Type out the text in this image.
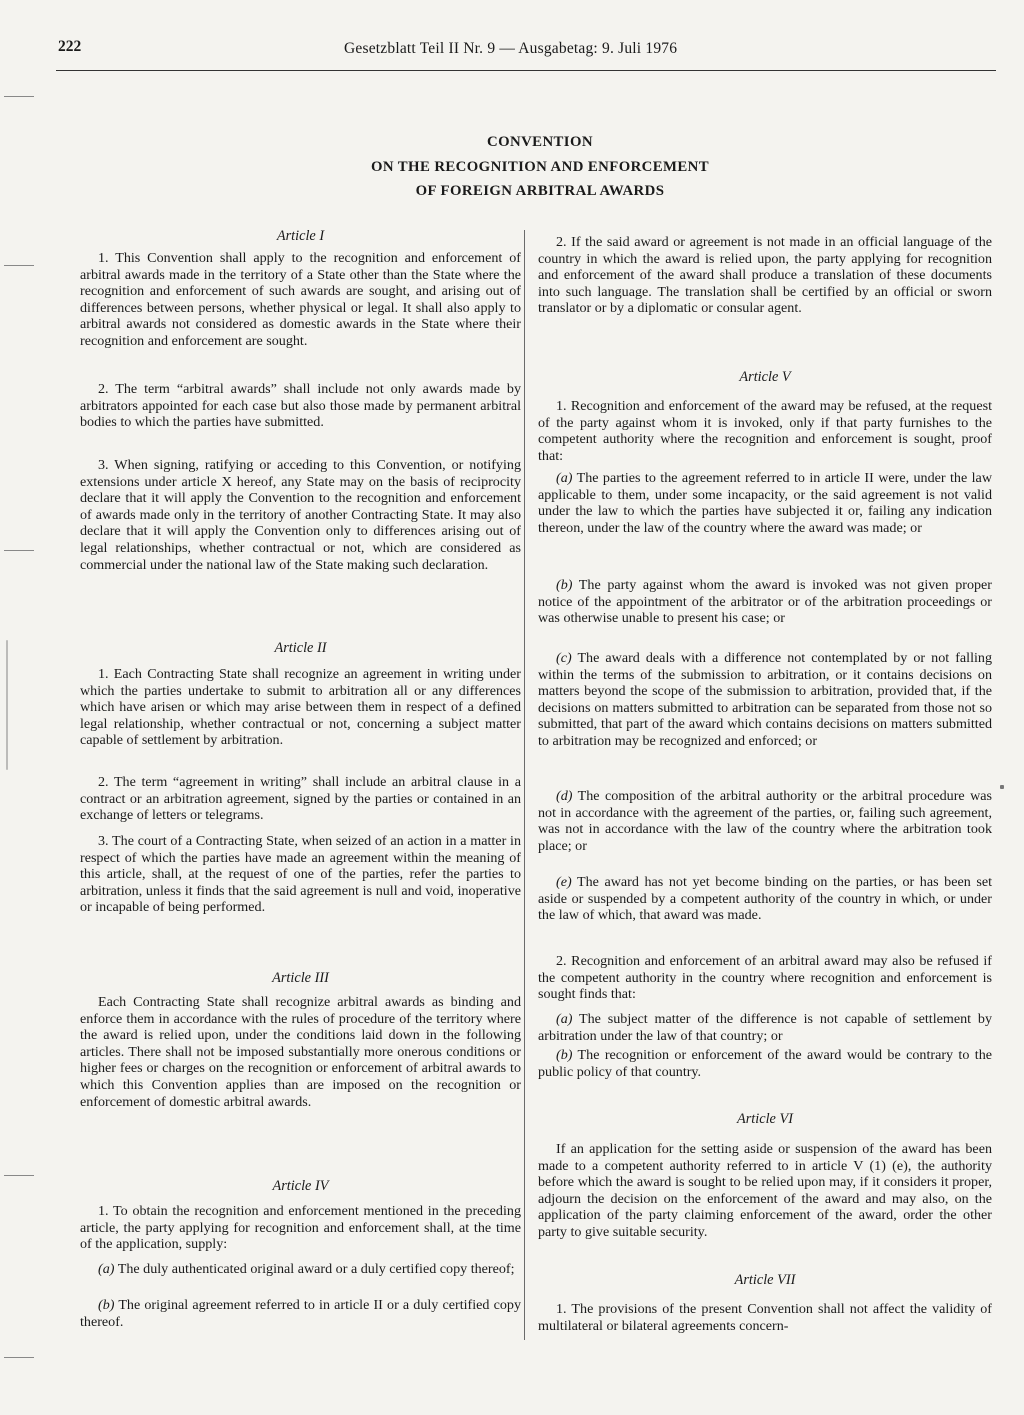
222	Gesetzblatt Teil II Nr. 9 — Ausgabetag: 9. Juli 1976
CONVENTION
ON THE RECOGNITION AND ENFORCEMENT
OF FOREIGN ARBITRAL AWARDS
Article I
1. This Convention shall apply to the recognition and enforcement of arbitral awards made in the territory of a State other than the State where the recognition and enforcement of such awards are sought, and arising out of differences between persons, whether physical or legal. It shall also apply to arbitral awards not considered as domestic awards in the State where their recognition and enforcement are sought.
2. The term “arbitral awards” shall include not only awards made by arbitrators appointed for each case but also those made by permanent arbitral bodies to which the parties have submitted.
3. When signing, ratifying or acceding to this Convention, or notifying extensions under article X hereof, any State may on the basis of reciprocity declare that it will apply the Convention to the recognition and enforcement of awards made only in the territory of another Contracting State. It may also declare that it will apply the Convention only to differences arising out of legal relationships, whether contractual or not, which are considered as commercial under the national law of the State making such declaration.
Article II
1. Each Contracting State shall recognize an agreement in writing under which the parties undertake to submit to arbitration all or any differences which have arisen or which may arise between them in respect of a defined legal relationship, whether contractual or not, concerning a subject matter capable of settlement by arbitration.
2. The term “agreement in writing” shall include an arbitral clause in a contract or an arbitration agreement, signed by the parties or contained in an exchange of letters or telegrams.
3. The court of a Contracting State, when seized of an action in a matter in respect of which the parties have made an agreement within the meaning of this article, shall, at the request of one of the parties, refer the parties to arbitration, unless it finds that the said agreement is null and void, inoperative or incapable of being performed.
Article III
Each Contracting State shall recognize arbitral awards as binding and enforce them in accordance with the rules of procedure of the territory where the award is relied upon, under the conditions laid down in the following articles. There shall not be imposed substantially more onerous conditions or higher fees or charges on the recognition or enforcement of arbitral awards to which this Convention applies than are imposed on the recognition or enforcement of domestic arbitral awards.
Article IV
1. To obtain the recognition and enforcement mentioned in the preceding article, the party applying for recognition and enforcement shall, at the time of the application, supply:
(a) The duly authenticated original award or a duly certified copy thereof;
(b) The original agreement referred to in article II or a duly certified copy thereof.
2. If the said award or agreement is not made in an official language of the country in which the award is relied upon, the party applying for recognition and enforcement of the award shall produce a translation of these documents into such language. The translation shall be certified by an official or sworn translator or by a diplomatic or consular agent.
Article V
1. Recognition and enforcement of the award may be refused, at the request of the party against whom it is invoked, only if that party furnishes to the competent authority where the recognition and enforcement is sought, proof that:
(a) The parties to the agreement referred to in article II were, under the law applicable to them, under some incapacity, or the said agreement is not valid under the law to which the parties have subjected it or, failing any indication thereon, under the law of the country where the award was made; or
(b) The party against whom the award is invoked was not given proper notice of the appointment of the arbitrator or of the arbitration proceedings or was otherwise unable to present his case; or
(c) The award deals with a difference not contemplated by or not falling within the terms of the submission to arbitration, or it contains decisions on matters beyond the scope of the submission to arbitration, provided that, if the decisions on matters submitted to arbitration can be separated from those not so submitted, that part of the award which contains decisions on matters submitted to arbitration may be recognized and enforced; or
(d) The composition of the arbitral authority or the arbitral procedure was not in accordance with the agreement of the parties, or, failing such agreement, was not in accordance with the law of the country where the arbitration took place; or
(e) The award has not yet become binding on the parties, or has been set aside or suspended by a competent authority of the country in which, or under the law of which, that award was made.
2. Recognition and enforcement of an arbitral award may also be refused if the competent authority in the country where recognition and enforcement is sought finds that:
(a) The subject matter of the difference is not capable of settlement by arbitration under the law of that country; or
(b) The recognition or enforcement of the award would be contrary to the public policy of that country.
Article VI
If an application for the setting aside or suspension of the award has been made to a competent authority referred to in article V (1) (e), the authority before which the award is sought to be relied upon may, if it considers it proper, adjourn the decision on the enforcement of the award and may also, on the application of the party claiming enforcement of the award, order the other party to give suitable security.
Article VII
1. The provisions of the present Convention shall not affect the validity of multilateral or bilateral agreements concern-
